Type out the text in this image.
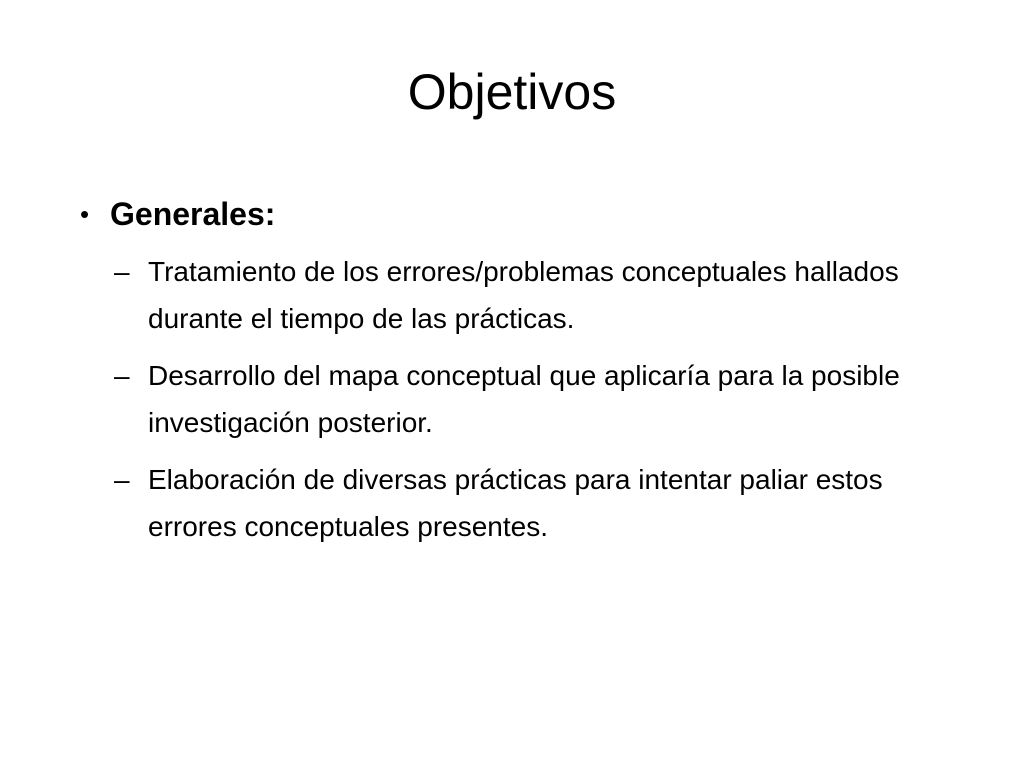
Objetivos
• Generales:
– Tratamiento de los errores/problemas conceptuales hallados durante el tiempo de las prácticas.
– Desarrollo del mapa conceptual que aplicaría para la posible investigación posterior.
– Elaboración de diversas prácticas para intentar paliar estos errores conceptuales presentes.
